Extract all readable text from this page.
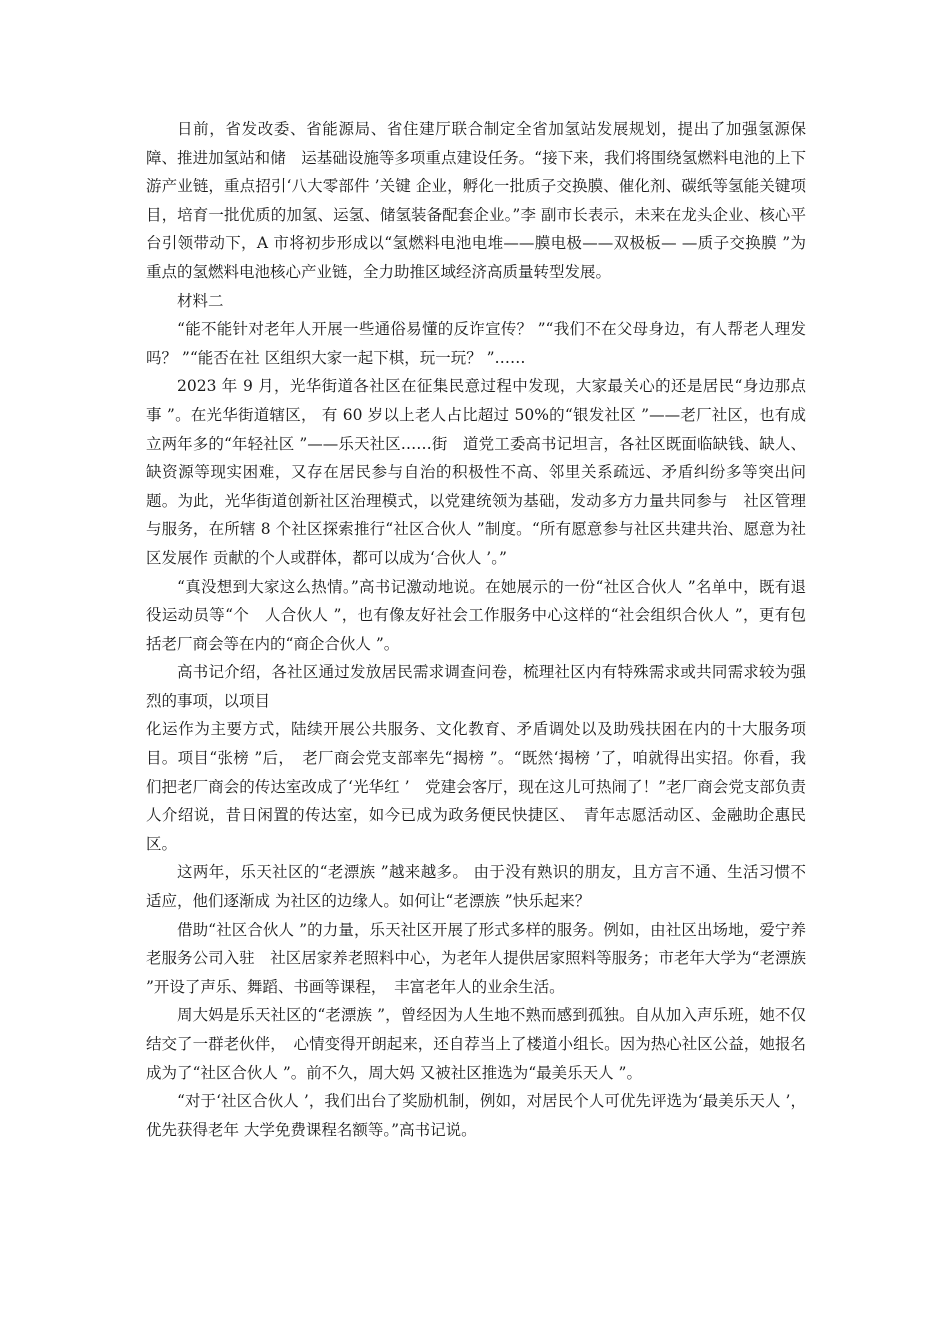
日前，省发改委、省能源局、省住建厅联合制定全省加氢站发展规划，提出了加强氢源保障、推进加氢站和储　运基础设施等多项重点建设任务。“接下来，我们将围绕氢燃料电池的上下游产业链，重点招引‘八大零部件 ’关键 企业，孵化一批质子交换膜、催化剂、碳纸等氢能关键项目，培育一批优质的加氢、运氢、储氢装备配套企业。”李 副市长表示，未来在龙头企业、核心平台引领带动下，A 市将初步形成以“氢燃料电池电堆——膜电极——双极板— —质子交换膜 ”为重点的氢燃料电池核心产业链，全力助推区域经济高质量转型发展。

材料二

“能不能针对老年人开展一些通俗易懂的反诈宣传？ ”“我们不在父母身边，有人帮老人理发吗？ ”“能否在社 区组织大家一起下棋，玩一玩？ ”……

2023 年 9 月，光华街道各社区在征集民意过程中发现，大家最关心的还是居民“身边那点事 ”。在光华街道辖区， 有 60 岁以上老人占比超过 50%的“银发社区 ”——老厂社区，也有成立两年多的“年轻社区 ”——乐天社区……街　道党工委高书记坦言，各社区既面临缺钱、缺人、缺资源等现实困难，又存在居民参与自治的积极性不高、邻里关系疏远、矛盾纠纷多等突出问题。为此，光华街道创新社区治理模式，以党建统领为基础，发动多方力量共同参与　社区管理与服务，在所辖 8 个社区探索推行“社区合伙人 ”制度。“所有愿意参与社区共建共治、愿意为社区发展作 贡献的个人或群体，都可以成为‘合伙人 ’。”

“真没想到大家这么热情。”高书记激动地说。在她展示的一份“社区合伙人 ”名单中，既有退役运动员等“个　人合伙人 ”，也有像友好社会工作服务中心这样的“社会组织合伙人 ”，更有包括老厂商会等在内的“商企合伙人 ”。

高书记介绍，各社区通过发放居民需求调查问卷，梳理社区内有特殊需求或共同需求较为强烈的事项，以项目

化运作为主要方式，陆续开展公共服务、文化教育、矛盾调处以及助残扶困在内的十大服务项目。项目“张榜 ”后，　老厂商会党支部率先“揭榜 ”。“既然‘揭榜 ’了，咱就得出实招。你看，我们把老厂商会的传达室改成了‘光华红 ’　党建会客厅，现在这儿可热闹了！”老厂商会党支部负责人介绍说，昔日闲置的传达室，如今已成为政务便民快捷区、　青年志愿活动区、金融助企惠民区。

这两年，乐天社区的“老漂族 ”越来越多。 由于没有熟识的朋友，且方言不通、生活习惯不适应，他们逐渐成 为社区的边缘人。如何让“老漂族 ”快乐起来？

借助“社区合伙人 ”的力量，乐天社区开展了形式多样的服务。例如，由社区出场地，爱宁养老服务公司入驻　社区居家养老照料中心，为老年人提供居家照料等服务；市老年大学为“老漂族 ”开设了声乐、舞蹈、书画等课程，　丰富老年人的业余生活。

周大妈是乐天社区的“老漂族 ”，曾经因为人生地不熟而感到孤独。自从加入声乐班，她不仅结交了一群老伙伴，　心情变得开朗起来，还自荐当上了楼道小组长。因为热心社区公益，她报名成为了“社区合伙人 ”。前不久，周大妈 又被社区推选为“最美乐天人 ”。

“对于‘社区合伙人 ’，我们出台了奖励机制，例如，对居民个人可优先评选为‘最美乐天人 ’，优先获得老年 大学免费课程名额等。”高书记说。
